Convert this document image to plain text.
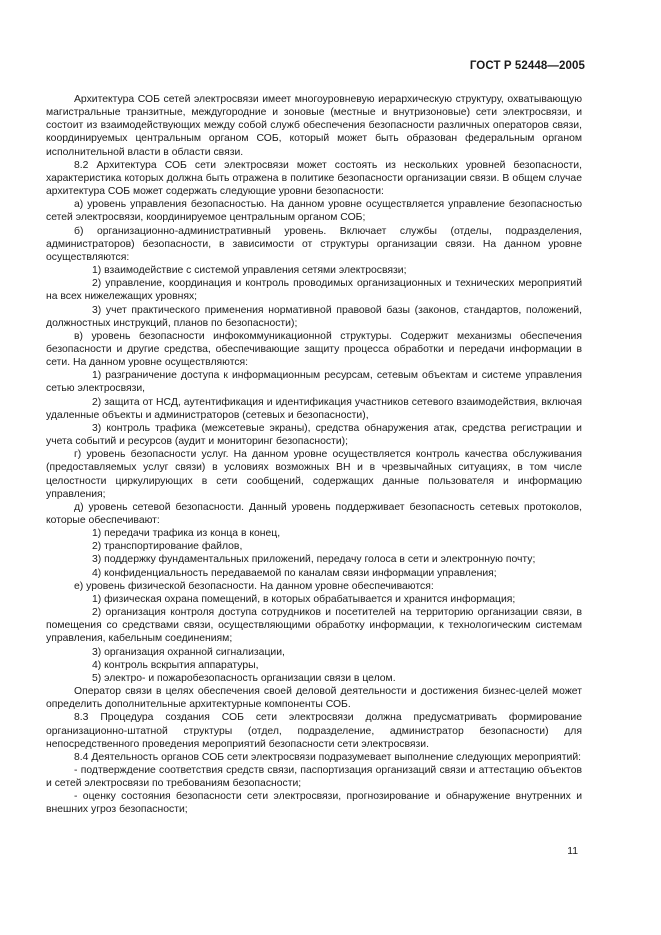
ГОСТ Р 52448—2005

Архитектура СОБ сетей электросвязи имеет многоуровневую иерархическую структуру, охватывающую магистральные транзитные, междугородние и зоновые (местные и внутризоновые) сети электросвязи, и состоит из взаимодействующих между собой служб обеспечения безопасности различных операторов связи, координируемых центральным органом СОБ, который может быть образован федеральным органом исполнительной власти в области связи.

8.2 Архитектура СОБ сети электросвязи может состоять из нескольких уровней безопасности, характеристика которых должна быть отражена в политике безопасности организации связи. В общем случае архитектура СОБ может содержать следующие уровни безопасности:

а) уровень управления безопасностью. На данном уровне осуществляется управление безопасностью сетей электросвязи, координируемое центральным органом СОБ;

б) организационно-административный уровень. Включает службы (отделы, подразделения, администраторов) безопасности, в зависимости от структуры организации связи. На данном уровне осуществляются:

1) взаимодействие с системой управления сетями электросвязи;

2) управление, координация и контроль проводимых организационных и технических мероприятий на всех нижележащих уровнях;

3) учет практического применения нормативной правовой базы (законов, стандартов, положений, должностных инструкций, планов по безопасности);

в) уровень безопасности инфокоммуникационной структуры. Содержит механизмы обеспечения безопасности и другие средства, обеспечивающие защиту процесса обработки и передачи информации в сети. На данном уровне осуществляются:

1) разграничение доступа к информационным ресурсам, сетевым объектам и системе управления сетью электросвязи,

2) защита от НСД, аутентификация и идентификация участников сетевого взаимодействия, включая удаленные объекты и администраторов (сетевых и безопасности),

3) контроль трафика (межсетевые экраны), средства обнаружения атак, средства регистрации и учета событий и ресурсов (аудит и мониторинг безопасности);

г) уровень безопасности услуг. На данном уровне осуществляется контроль качества обслуживания (предоставляемых услуг связи) в условиях возможных ВН и в чрезвычайных ситуациях, в том числе целостности циркулирующих в сети сообщений, содержащих данные пользователя и информацию управления;

д) уровень сетевой безопасности. Данный уровень поддерживает безопасность сетевых протоколов, которые обеспечивают:

1) передачи трафика из конца в конец,

2) транспортирование файлов,

3) поддержку фундаментальных приложений, передачу голоса в сети и электронную почту;

4) конфиденциальность передаваемой по каналам связи информации управления;

е) уровень физической безопасности. На данном уровне обеспечиваются:

1) физическая охрана помещений, в которых обрабатывается и хранится информация;

2) организация контроля доступа сотрудников и посетителей на территорию организации связи, в помещения со средствами связи, осуществляющими обработку информации, к технологическим системам управления, кабельным соединениям;

3) организация охранной сигнализации,

4) контроль вскрытия аппаратуры,

5) электро- и пожаробезопасность организации связи в целом.

Оператор связи в целях обеспечения своей деловой деятельности и достижения бизнес-целей может определить дополнительные архитектурные компоненты СОБ.

8.3 Процедура создания СОБ сети электросвязи должна предусматривать формирование организационно-штатной структуры (отдел, подразделение, администратор безопасности) для непосредственного проведения мероприятий безопасности сети электросвязи.

8.4 Деятельность органов СОБ сети электросвязи подразумевает выполнение следующих мероприятий:

- подтверждение соответствия средств связи, паспортизация организаций связи и аттестацию объектов и сетей электросвязи по требованиям безопасности;

- оценку состояния безопасности сети электросвязи, прогнозирование и обнаружение внутренних и внешних угроз безопасности;

11
